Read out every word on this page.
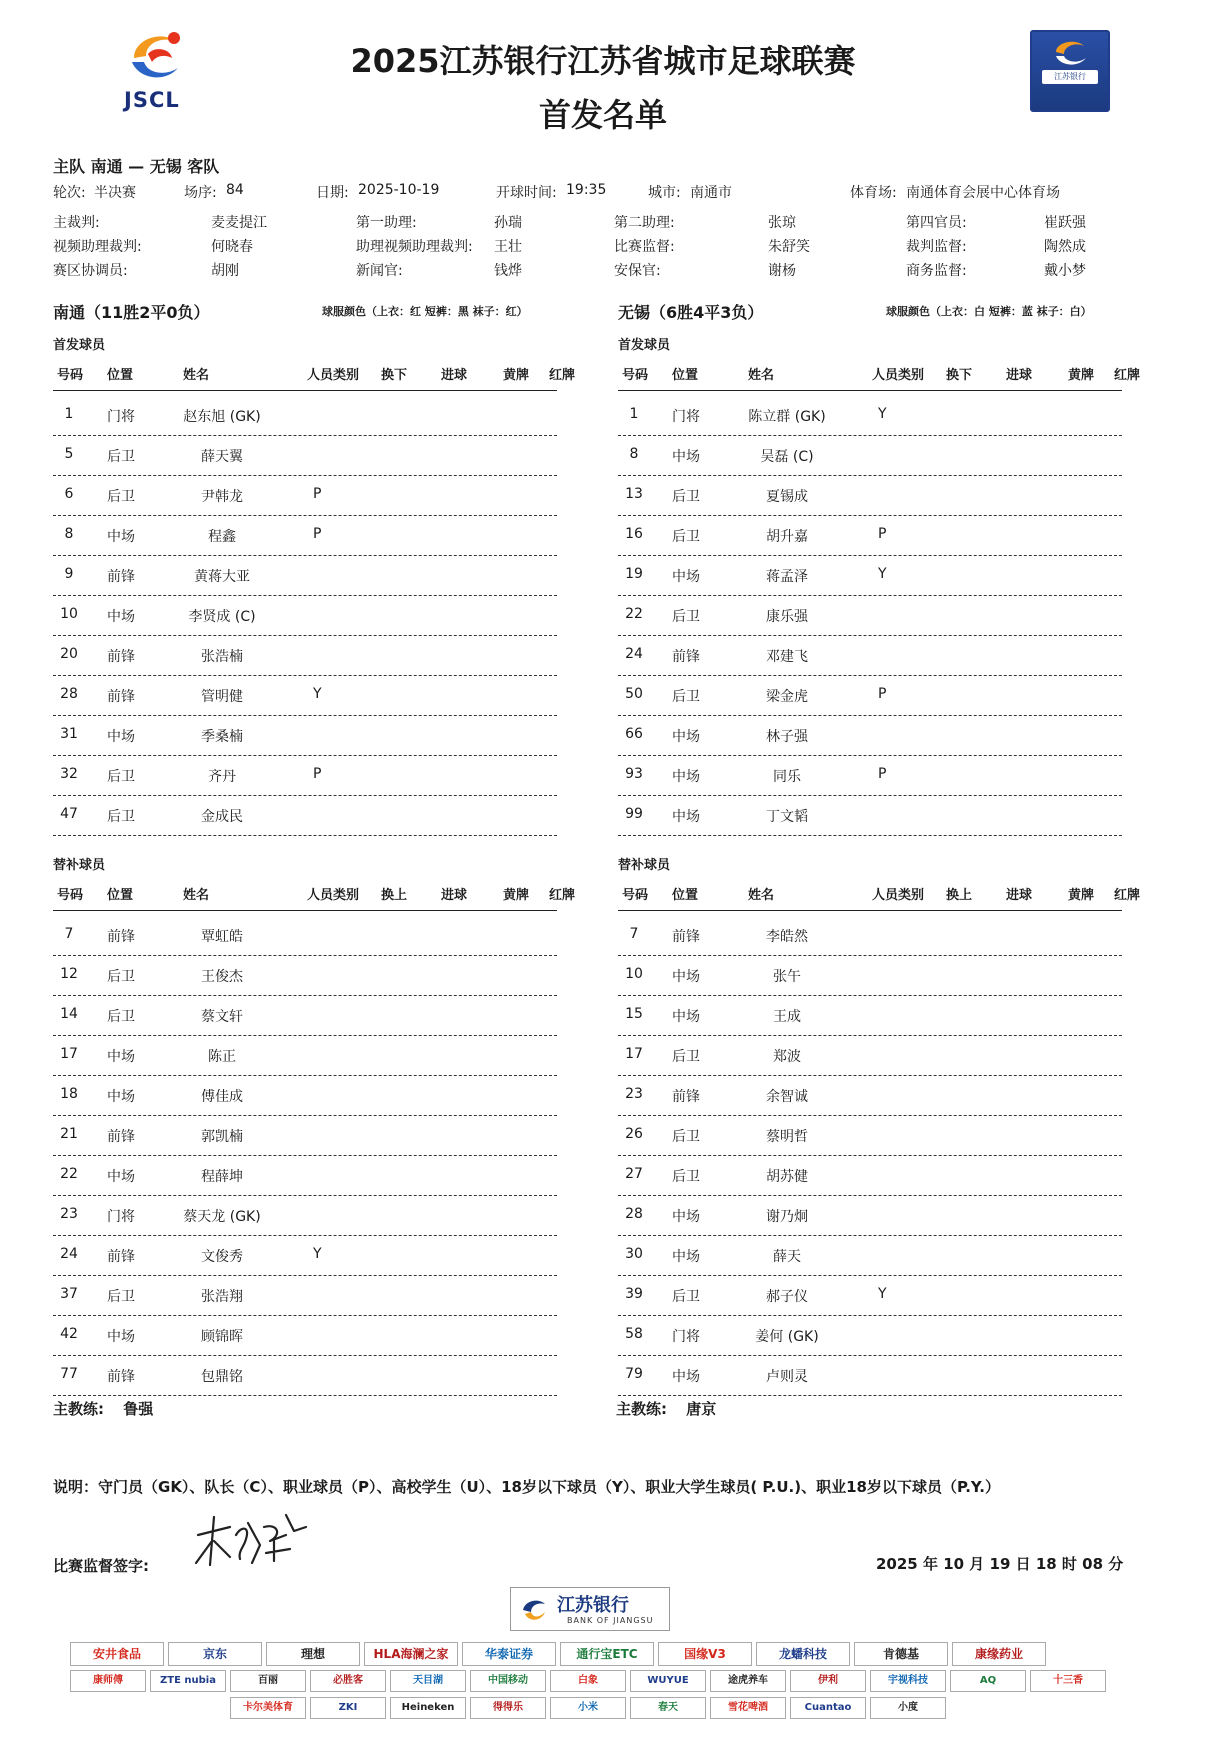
JSCL
2025江苏银行江苏省城市足球联赛
首发名单
江苏银行
主队 南通 — 无锡 客队
轮次: 半决赛	场序: 84	日期: 2025-10-19	开球时间: 19:35	城市: 南通市	体育场: 南通体育会展中心体育场
主裁判:	麦麦提江	第一助理:	孙瑞	第二助理:	张琼	第四官员:	崔跃强
视频助理裁判:	何晓春	助理视频助理裁判: 王壮	比赛监督:	朱舒笑	裁判监督:	陶然成
赛区协调员:	胡刚	新闻官:	钱烨	安保官:	谢杨	商务监督:	戴小梦
南通（11胜2平0负）	球服颜色（上衣：红 短裤：黑 袜子：红）	无锡（6胜4平3负）	球服颜色（上衣：白 短裤：蓝 袜子：白）
首发球员	首发球员
替补球员	替补球员
号码 位置	姓名	人员类别 换下	进球	黄牌 红牌
1	门将	赵东旭 (GK)
5	后卫	薛天翼
6	后卫	尹韩龙	P
8	中场	程鑫	P
9	前锋	黄蒋大亚
10 中场	李贤成 (C)
20 前锋	张浩楠
28 前锋	管明健	Y
31 中场	季桑楠
32 后卫	齐丹	P
47 后卫	金成民
号码 位置	姓名	人员类别 换下	进球	黄牌 红牌
1	门将	陈立群 (GK)	Y
8	中场	吴磊 (C)
13 后卫	夏锡成
16 后卫	胡升嘉	P
19 中场	蒋孟泽	Y
22 后卫	康乐强
24 前锋	邓建飞
50 后卫	梁金虎	P
66 中场	林子强
93 中场	同乐	P
99 中场	丁文韬
号码 位置	姓名	人员类别 换上	进球	黄牌 红牌
7	前锋	覃虹皓
12 后卫	王俊杰
14 后卫	蔡文轩
17 中场	陈正
18 中场	傅佳成
21 前锋	郭凯楠
22 中场	程薛坤
23 门将	蔡天龙 (GK)
24 前锋	文俊秀	Y
37 后卫	张浩翔
42 中场	顾锦晖
77 前锋	包鼎铭
号码 位置	姓名	人员类别 换上	进球	黄牌 红牌
7	前锋	李皓然
10 中场	张午
15 中场	王成
17 后卫	郑波
23 前锋	余智诚
26 后卫	蔡明哲
27 后卫	胡苏健
28 中场	谢乃炯
30 中场	薛天
39 后卫	郝子仪	Y
58 门将	姜何 (GK)
79 中场	卢则灵
主教练: 鲁强	主教练: 唐京
说明：守门员（GK）、队长（C）、职业球员（P）、高校学生（U）、18岁以下球员（Y）、职业大学生球员( P.U.)、职业18岁以下球员（P.Y.）
比赛监督签字:	2025 年 10 月 19 日 18 时 08 分
江苏银行
BANK OF JIANGSU
安井食品	京东	理想	HLA海澜之家	华泰证券	通行宝ETC	国缘V3	龙蟠科技	肯德基	康缘药业
康师傅	ZTE nubia	百丽	必胜客	天目湖	中国移动	白象	WUYUE	途虎养车	伊利	宇视科技	AQ	十三香
卡尔美体育	ZKI	Heineken	得得乐	小米	春天	雪花啤酒	Cuantao	小度
